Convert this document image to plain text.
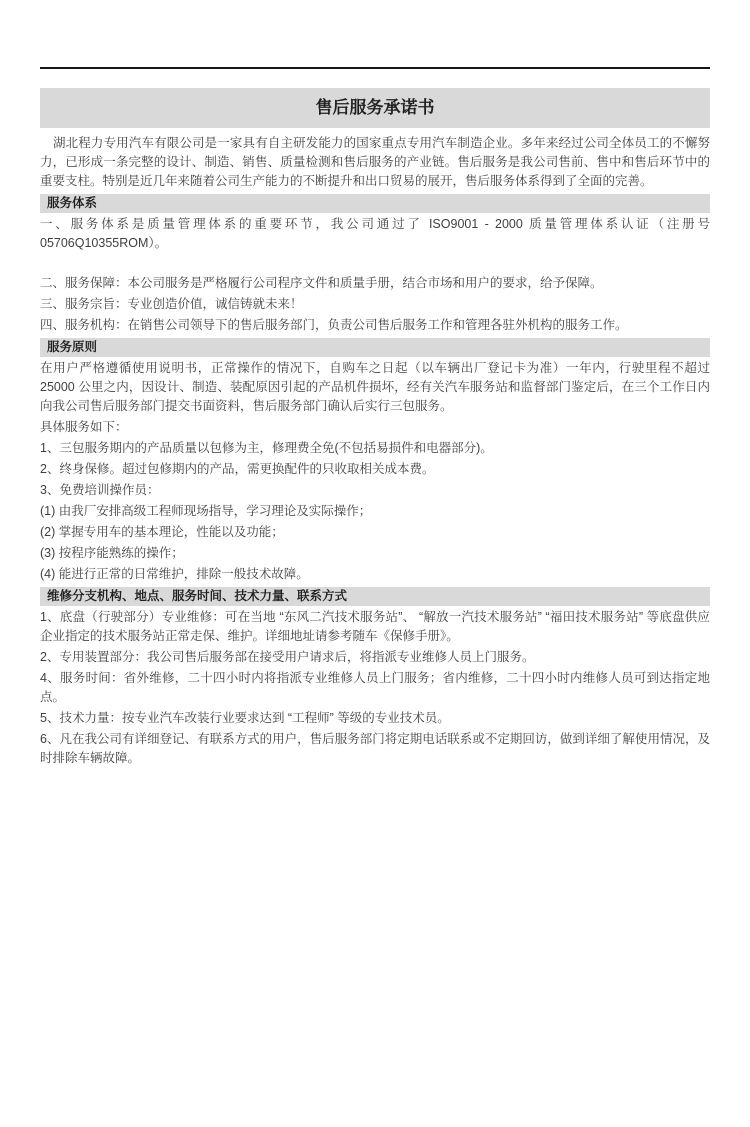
售后服务承诺书

湖北程力专用汽车有限公司是一家具有自主研发能力的国家重点专用汽车制造企业。多年来经过公司全体员工的不懈努力，已形成一条完整的设计、制造、销售、质量检测和售后服务的产业链。售后服务是我公司售前、售中和售后环节中的重要支柱。特别是近几年来随着公司生产能力的不断提升和出口贸易的展开，售后服务体系得到了全面的完善。

服务体系

一、服务体系是质量管理体系的重要环节，我公司通过了 ISO9001 - 2000 质量管理体系认证（注册号 05706Q10355ROM）。

二、服务保障：本公司服务是严格履行公司程序文件和质量手册，结合市场和用户的要求，给予保障。

三、服务宗旨：专业创造价值，诚信铸就未来！

四、服务机构：在销售公司领导下的售后服务部门，负责公司售后服务工作和管理各驻外机构的服务工作。

服务原则

在用户严格遵循使用说明书，正常操作的情况下，自购车之日起（以车辆出厂登记卡为准）一年内，行驶里程不超过 25000 公里之内，因设计、制造、装配原因引起的产品机件损坏，经有关汽车服务站和监督部门鉴定后，在三个工作日内向我公司售后服务部门提交书面资料，售后服务部门确认后实行三包服务。

具体服务如下：

1、三包服务期内的产品质量以包修为主，修理费全免(不包括易损件和电器部分)。

2、终身保修。超过包修期内的产品，需更换配件的只收取相关成本费。

3、免费培训操作员：

(1) 由我厂安排高级工程师现场指导，学习理论及实际操作；

(2) 掌握专用车的基本理论，性能以及功能；

(3) 按程序能熟练的操作；

(4) 能进行正常的日常维护，排除一般技术故障。

维修分支机构、地点、服务时间、技术力量、联系方式

1、底盘（行驶部分）专业维修：可在当地 “东风二汽技术服务站”、 “解放一汽技术服务站” “福田技术服务站” 等底盘供应企业指定的技术服务站正常走保、维护。详细地址请参考随车《保修手册》。

2、专用装置部分：我公司售后服务部在接受用户请求后，将指派专业维修人员上门服务。

4、服务时间：省外维修，二十四小时内将指派专业维修人员上门服务；省内维修，二十四小时内维修人员可到达指定地点。

5、技术力量：按专业汽车改装行业要求达到 “工程师” 等级的专业技术员。

6、凡在我公司有详细登记、有联系方式的用户，售后服务部门将定期电话联系或不定期回访，做到详细了解使用情况，及时排除车辆故障。
